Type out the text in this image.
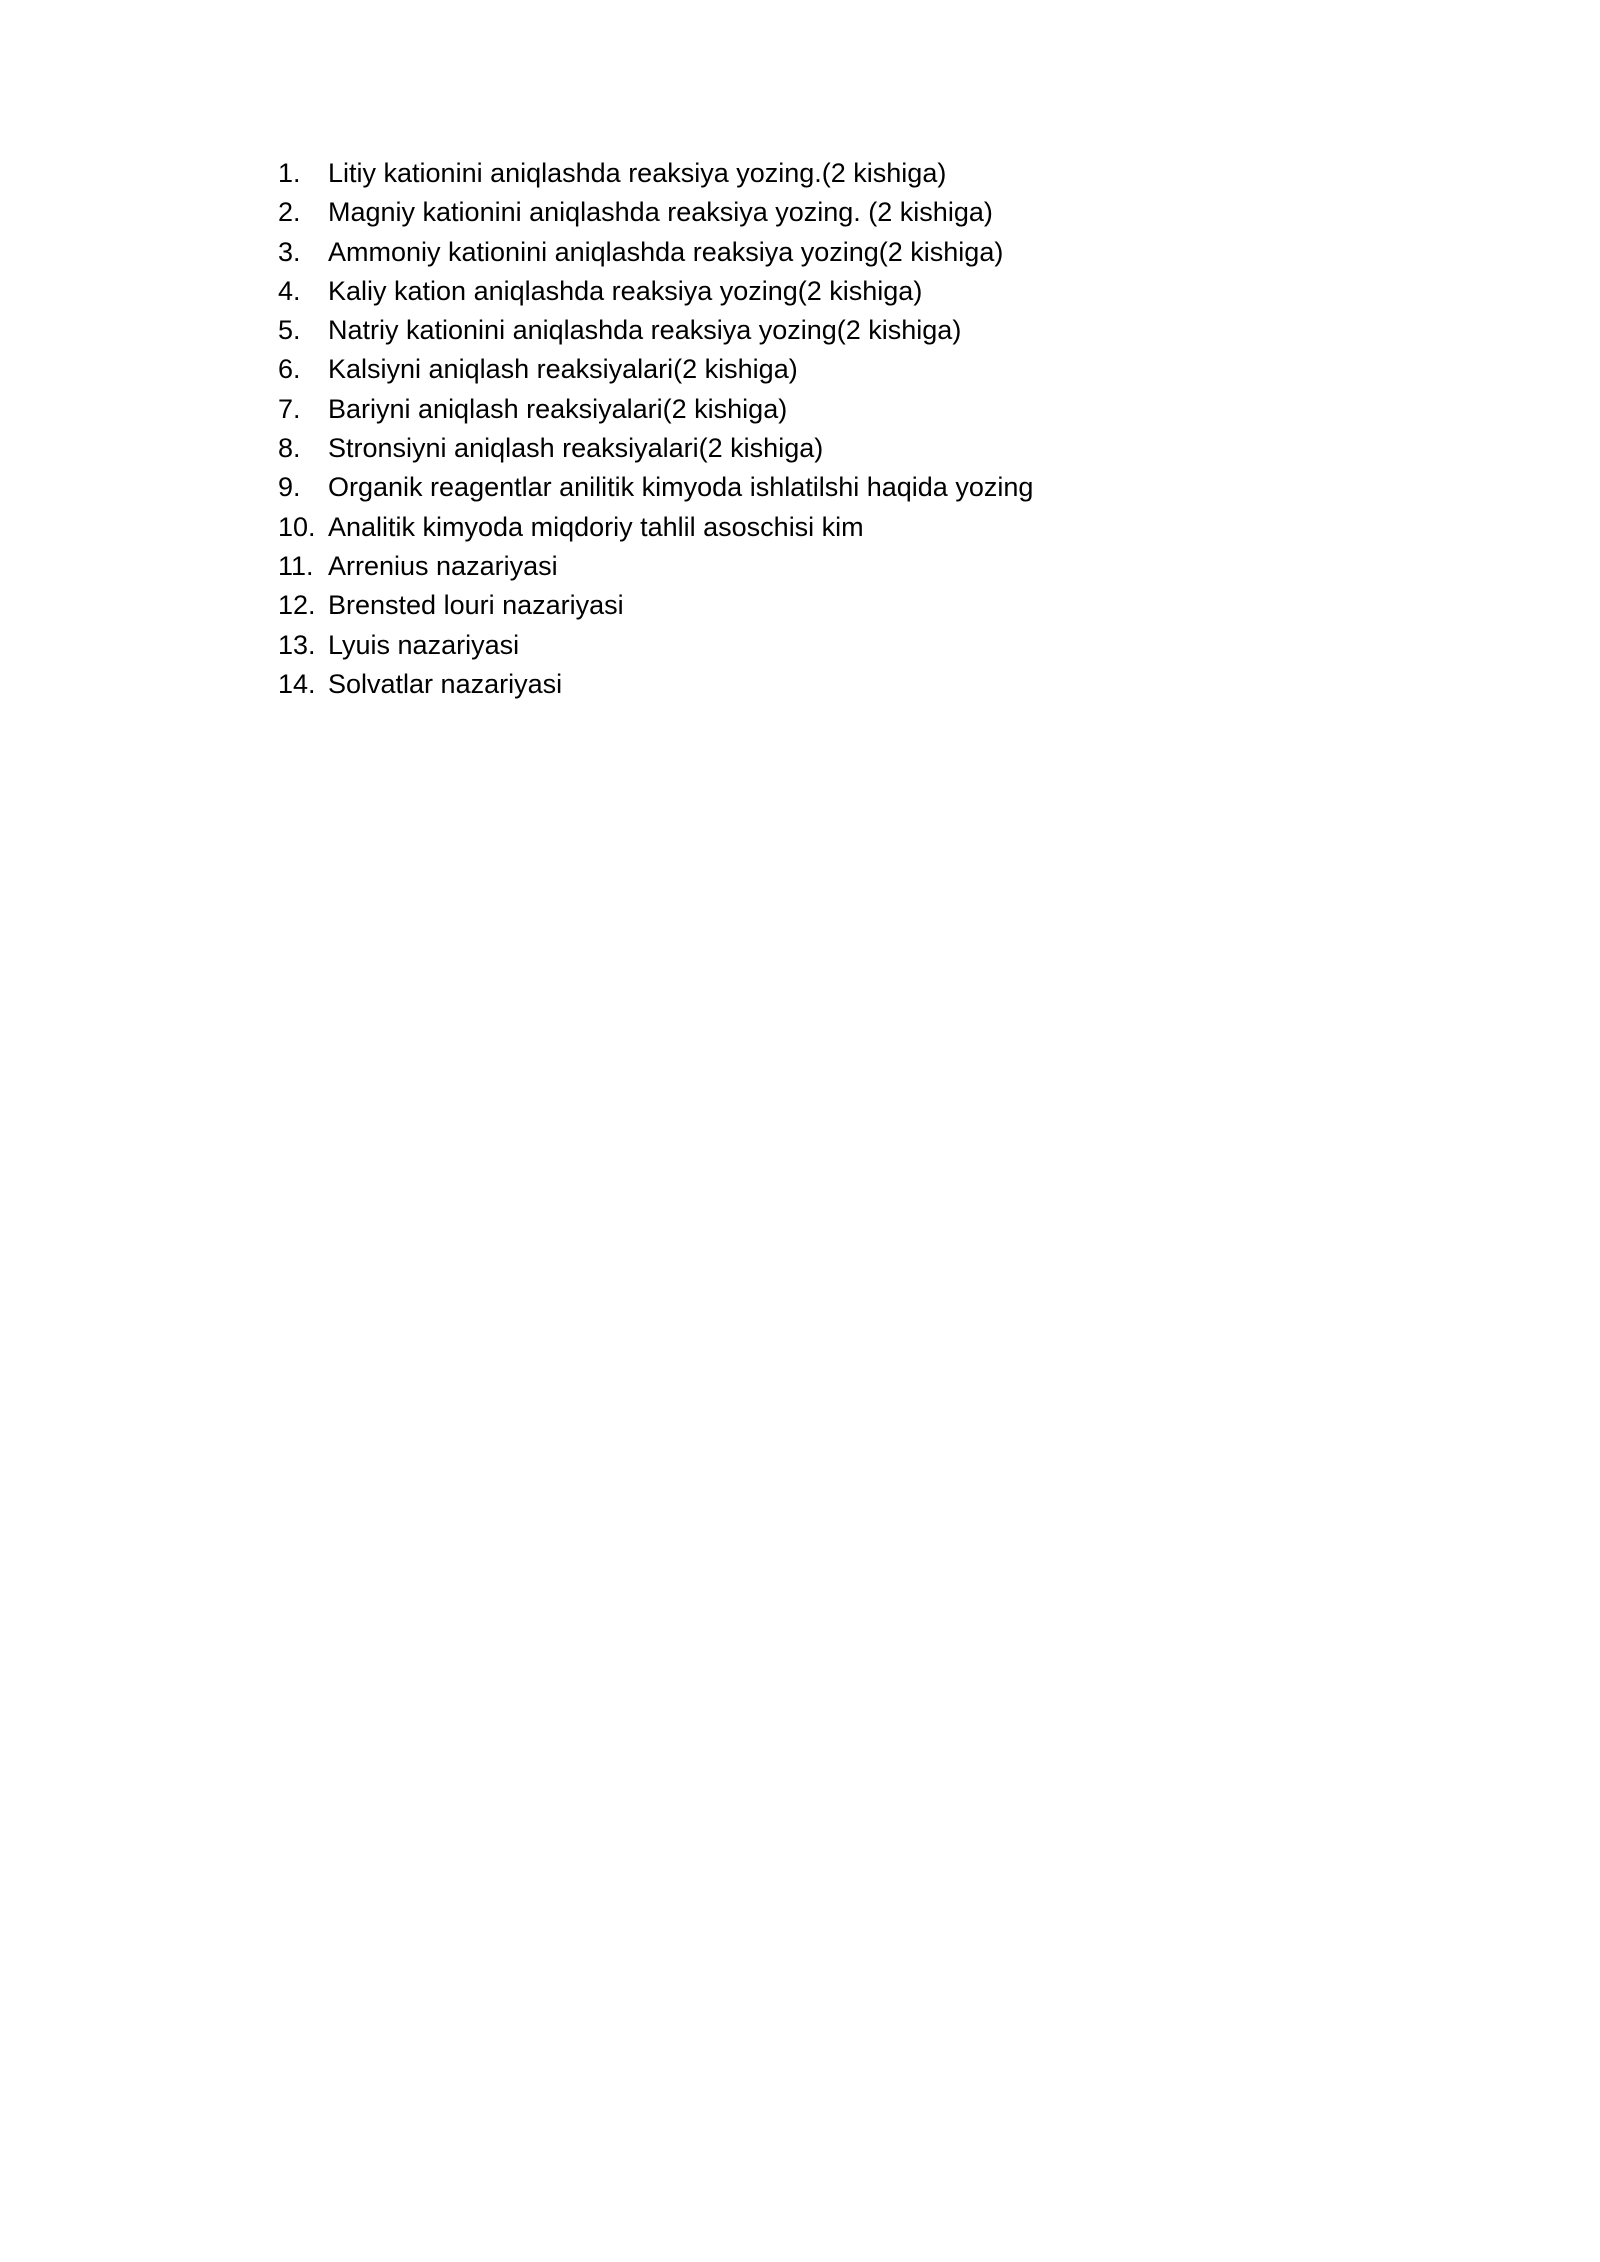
1.	Litiy kationini aniqlashda reaksiya yozing.(2 kishiga)
2.	Magniy kationini aniqlashda reaksiya yozing. (2 kishiga)
3.	Ammoniy kationini aniqlashda reaksiya yozing(2 kishiga)
4.	Kaliy kation aniqlashda reaksiya yozing(2 kishiga)
5.	Natriy kationini aniqlashda reaksiya yozing(2 kishiga)
6.	Kalsiyni aniqlash reaksiyalari(2 kishiga)
7.	Bariyni aniqlash reaksiyalari(2 kishiga)
8.	Stronsiyni aniqlash reaksiyalari(2 kishiga)
9.	Organik reagentlar anilitik kimyoda ishlatilshi haqida yozing
10. Analitik kimyoda miqdoriy tahlil asoschisi kim
11. Arrenius nazariyasi
12. Brensted louri nazariyasi
13. Lyuis nazariyasi
14. Solvatlar nazariyasi
